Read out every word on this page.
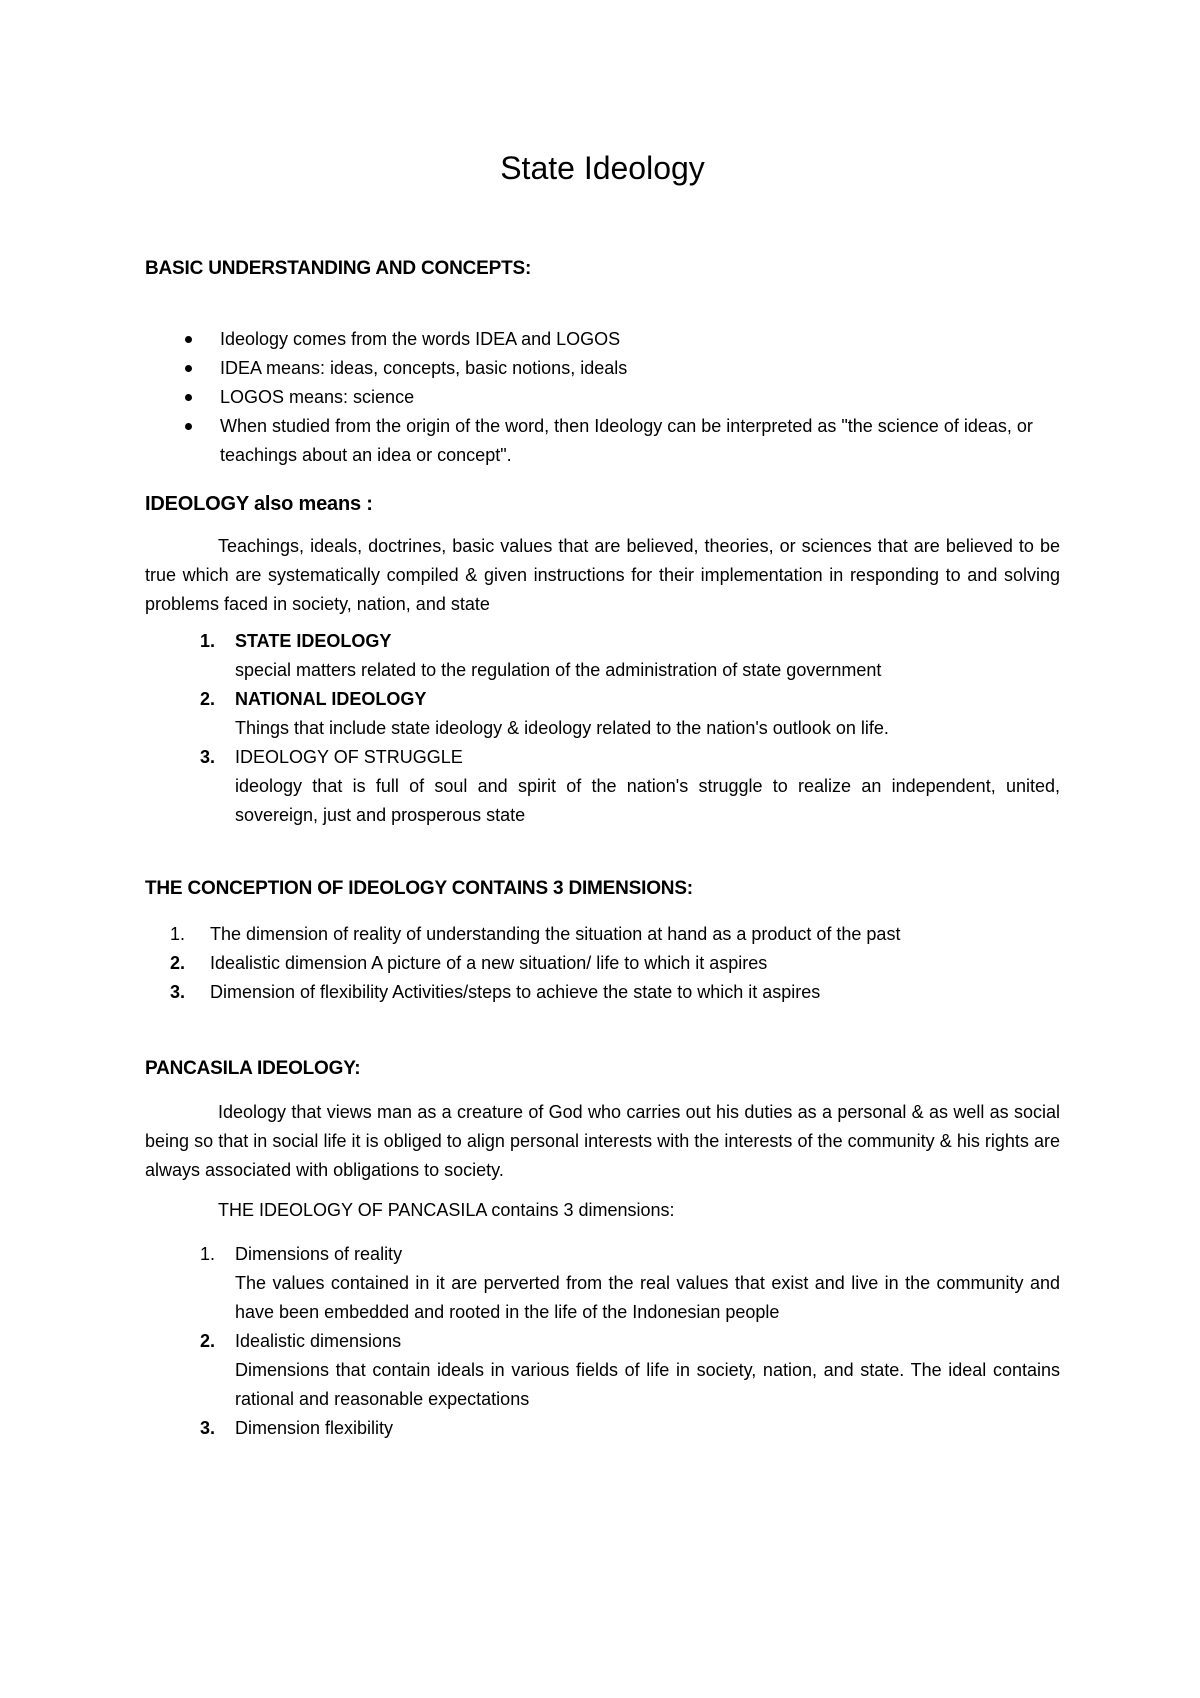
State Ideology
BASIC UNDERSTANDING AND CONCEPTS:
Ideology comes from the words IDEA and LOGOS
IDEA means: ideas, concepts, basic notions, ideals
LOGOS means: science
When studied from the origin of the word, then Ideology can be interpreted as "the science of ideas, or teachings about an idea or concept".
IDEOLOGY also means :

Teachings, ideals, doctrines, basic values that are believed, theories, or sciences that are believed to be true which are systematically compiled & given instructions for their implementation in responding to and solving problems faced in society, nation, and state

1. STATE IDEOLOGY
special matters related to the regulation of the administration of state government
2. NATIONAL IDEOLOGY
Things that include state ideology & ideology related to the nation's outlook on life.
3. IDEOLOGY OF STRUGGLE
ideology that is full of soul and spirit of the nation's struggle to realize an independent, united, sovereign, just and prosperous state
THE CONCEPTION OF IDEOLOGY CONTAINS 3 DIMENSIONS:
1. The dimension of reality of understanding the situation at hand as a product of the past
2. Idealistic dimension A picture of a new situation/ life to which it aspires
3. Dimension of flexibility Activities/steps to achieve the state to which it aspires
PANCASILA IDEOLOGY:

Ideology that views man as a creature of God who carries out his duties as a personal & as well as social being so that in social life it is obliged to align personal interests with the interests of the community & his rights are always associated with obligations to society.

THE IDEOLOGY OF PANCASILA contains 3 dimensions:

1. Dimensions of reality
The values contained in it are perverted from the real values that exist and live in the community and have been embedded and rooted in the life of the Indonesian people
2. Idealistic dimensions
Dimensions that contain ideals in various fields of life in society, nation, and state. The ideal contains rational and reasonable expectations
3. Dimension flexibility
